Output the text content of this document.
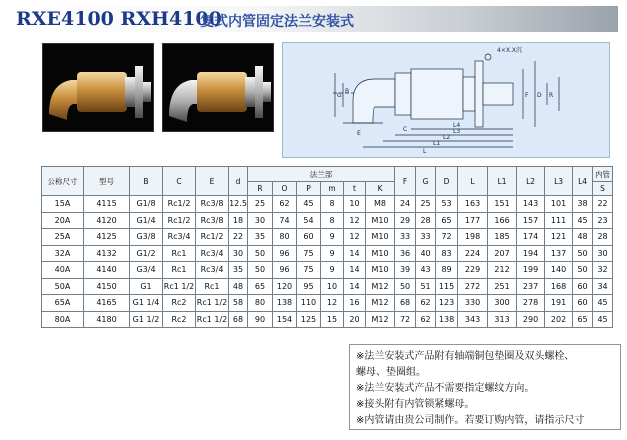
RXE4100 RXH4100
复式内管固定法兰安装式
4×X.X沉
G
B
C
E
F D R
L4
L3
L2
L1
L
公称尺寸	型号	B	C	E	d	法兰部						F	G	D	L	L1	L2	L3	L4	内管
						R	O	P	m	t	K									S
15A	4115	G1/8	Rc1/2	Rc3/8	12.5	25	62	45	8	10	M8	24	25	53	163	151	143	101	38	22
20A	4120	G1/4	Rc1/2	Rc3/8	18	30	74	54	8	12	M10	29	28	65	177	166	157	111	45	23
25A	4125	G3/8	Rc3/4	Rc1/2	22	35	80	60	9	12	M10	33	33	72	198	185	174	121	48	28
32A	4132	G1/2	Rc1	Rc3/4	30	50	96	75	9	14	M10	36	40	83	224	207	194	137	50	30
40A	4140	G3/4	Rc1	Rc3/4	35	50	96	75	9	14	M10	39	43	89	229	212	199	140	50	32
50A	4150	G1	Rc1 1/2	Rc1	48	65	120	95	10	14	M12	50	51	115	272	251	237	168	60	34
65A	4165	G1 1/4	Rc2	Rc1 1/2	58	80	138	110	12	16	M12	68	62	123	330	300	278	191	60	45
80A	4180	G1 1/2	Rc2	Rc1 1/2	68	90	154	125	15	20	M12	72	62	138	343	313	290	202	65	45
※法兰安装式产品附有轴端铜包垫圈及双头螺栓、
螺母、垫圈组。
※法兰安装式产品不需要指定螺纹方向。
※接头附有内管锁紧螺母。
※内管请由贵公司制作。若要订购内管，请指示尺寸
